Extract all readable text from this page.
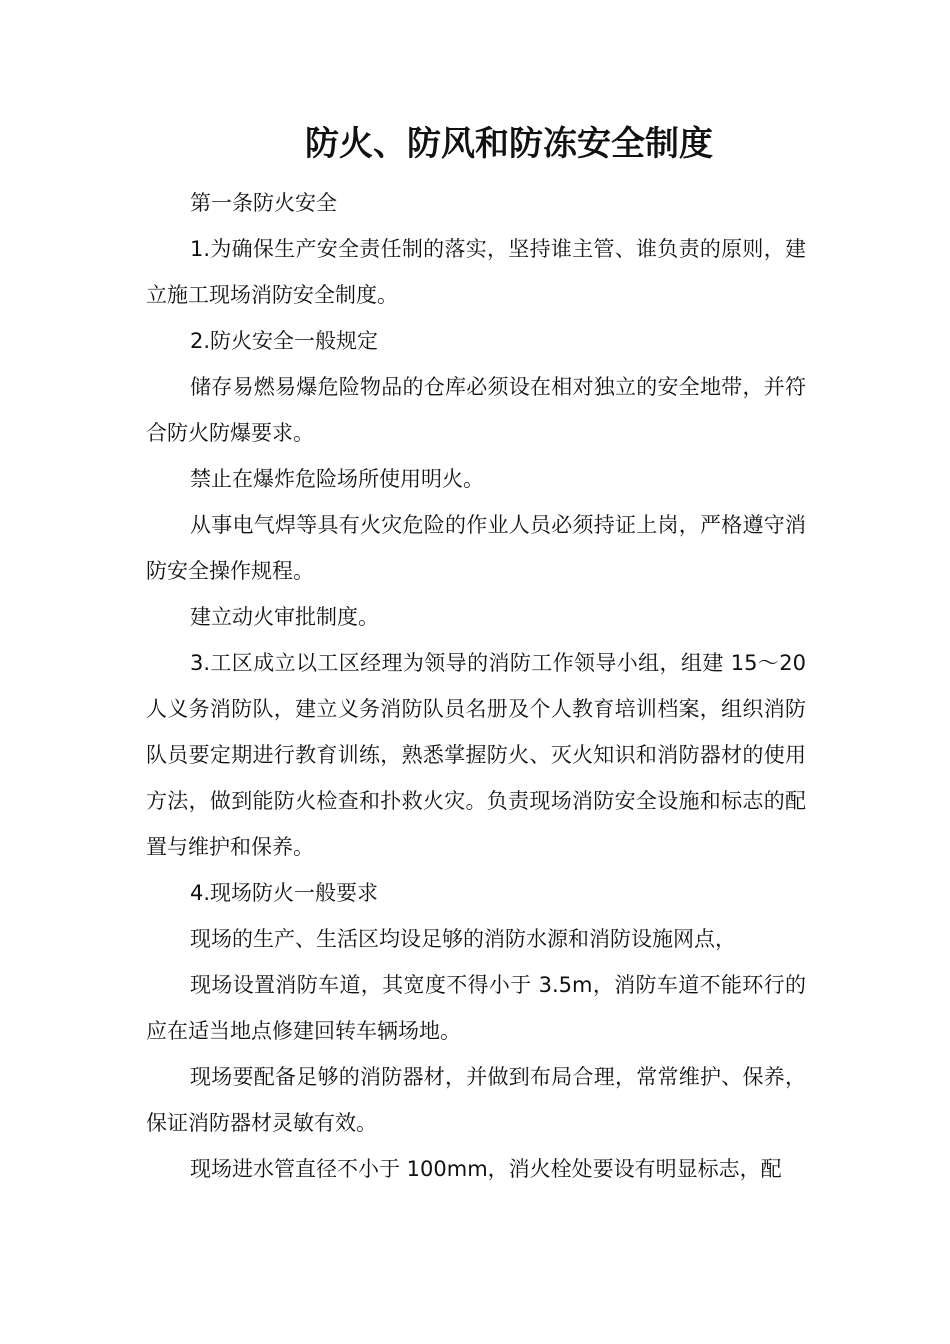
防火、防风和防冻安全制度

第一条防火安全

1.为确保生产安全责任制的落实，坚持谁主管、谁负责的原则，建立施工现场消防安全制度。

2.防火安全一般规定

储存易燃易爆危险物品的仓库必须设在相对独立的安全地带，并符合防火防爆要求。

禁止在爆炸危险场所使用明火。

从事电气焊等具有火灾危险的作业人员必须持证上岗，严格遵守消防安全操作规程。

建立动火审批制度。

3.工区成立以工区经理为领导的消防工作领导小组，组建 15～20 人义务消防队，建立义务消防队员名册及个人教育培训档案，组织消防队员要定期进行教育训练，熟悉掌握防火、灭火知识和消防器材的使用方法，做到能防火检查和扑救火灾。负责现场消防安全设施和标志的配置与维护和保养。

4.现场防火一般要求

现场的生产、生活区均设足够的消防水源和消防设施网点，

现场设置消防车道，其宽度不得小于 3.5m，消防车道不能环行的应在适当地点修建回转车辆场地。

现场要配备足够的消防器材，并做到布局合理，常常维护、保养，保证消防器材灵敏有效。

现场进水管直径不小于 100mm，消火栓处要设有明显标志，配
